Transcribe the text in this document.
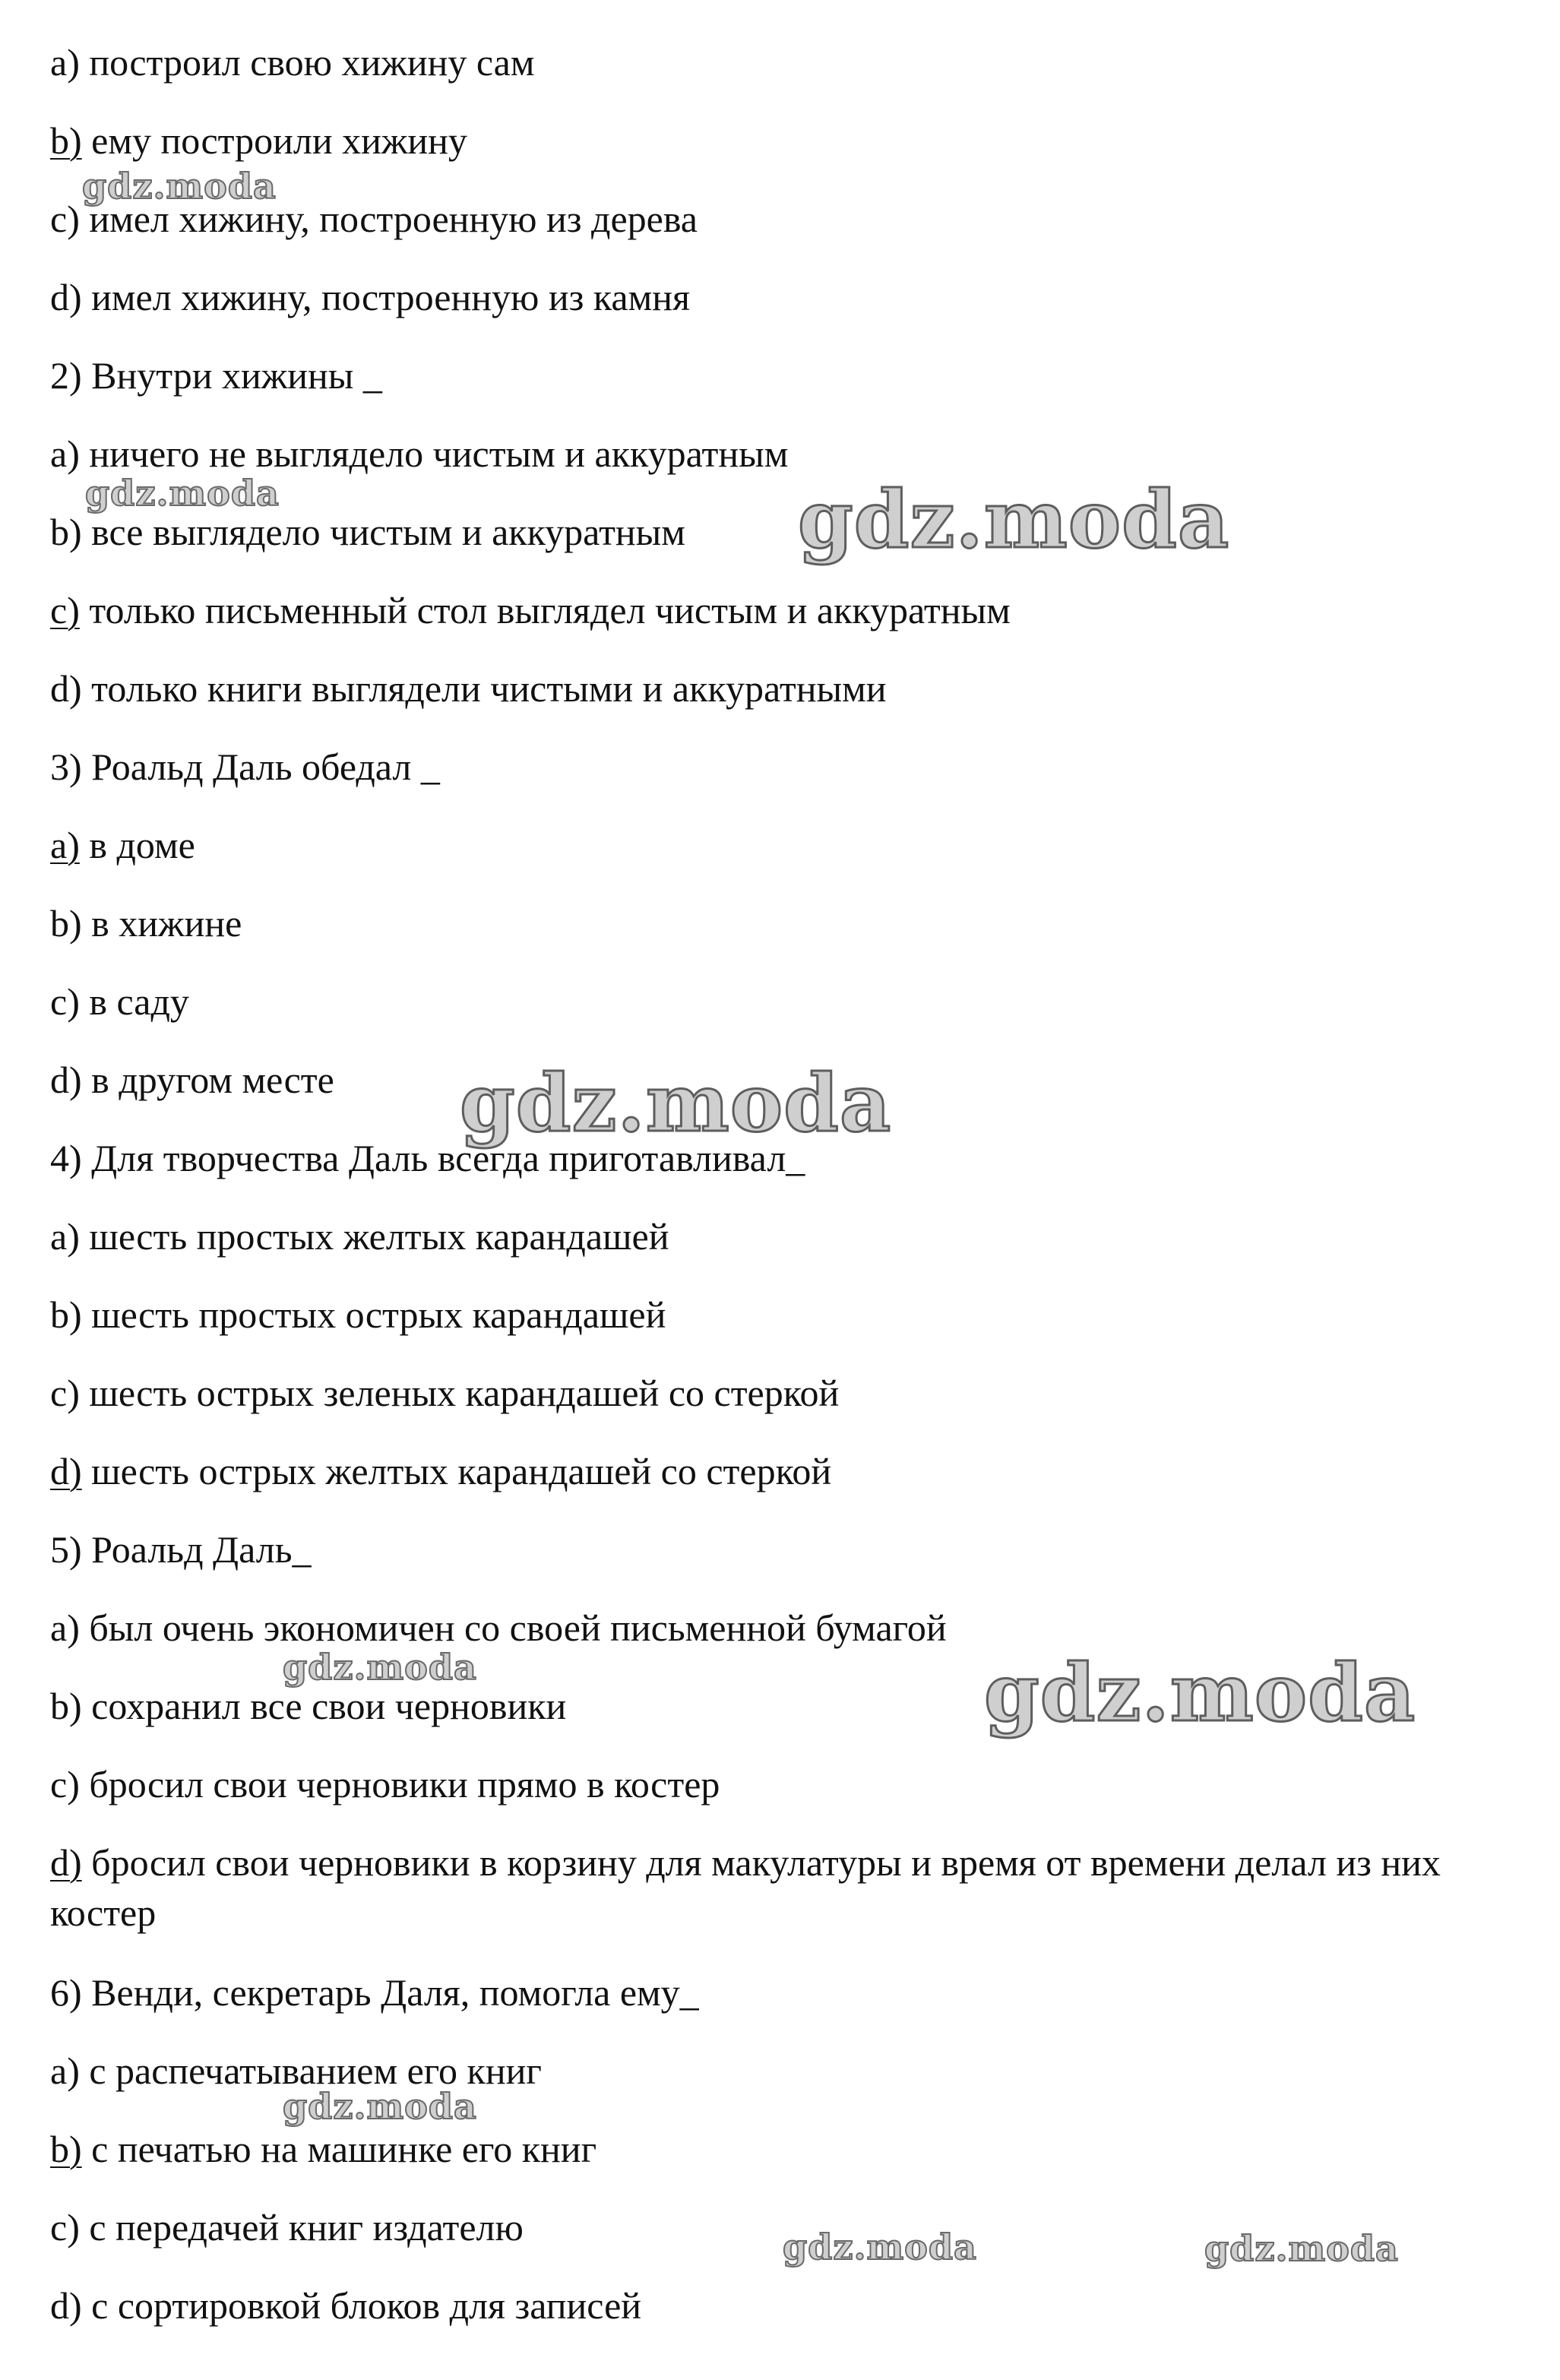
a) построил свою хижину сам
b) ему построили хижину
c) имел хижину, построенную из дерева
d) имел хижину, построенную из камня
2) Внутри хижины _
a) ничего не выглядело чистым и аккуратным
b) все выглядело чистым и аккуратным
c) только письменный стол выглядел чистым и аккуратным
d) только книги выглядели чистыми и аккуратными
3) Роальд Даль обедал _
a) в доме
b) в хижине
c) в саду
d) в другом месте
4) Для творчества Даль всегда приготавливал_
a) шесть простых желтых карандашей
b) шесть простых острых карандашей
c) шесть острых зеленых карандашей со стеркой
d) шесть острых желтых карандашей со стеркой
5) Роальд Даль_
a) был очень экономичен со своей письменной бумагой
b) сохранил все свои черновики
c) бросил свои черновики прямо в костер
d) бросил свои черновики в корзину для макулатуры и время от времени делал из них костер
6) Венди, секретарь Даля, помогла ему_
a) с распечатыванием его книг
b) с печатью на машинке его книг
c) с передачей книг издателю
d) с сортировкой блоков для записей
gdz.moda
gdz.moda	gdz.moda
gdz.moda
gdz.moda	gdz.moda
gdz.moda
gdz.moda	gdz.moda
